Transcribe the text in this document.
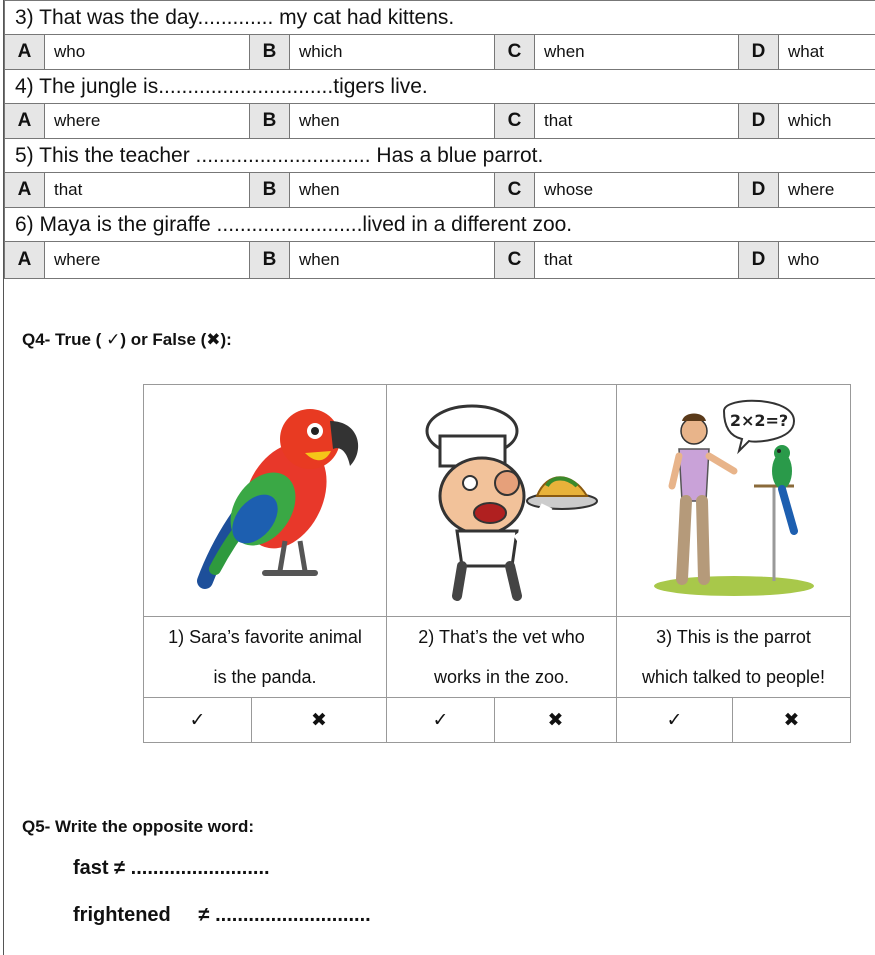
3) That was the day............. my cat had kittens.							
A	who	B	which	C	when	D	what
4) The jungle is..............................tigers live.							
A	where	B	when	C	that	D	which
5) This the teacher .............................. Has a blue parrot.							
A	that	B	when	C	whose	D	where
6) Maya is the giraffe .........................lived in a different zoo.							
A	where	B	when	C	that	D	who
Q4- True ( ✓) or False (✖):

2×2=?	

1) Sara’s favorite animal		2) That’s the vet who		3) This is the parrot	
is the panda.		works in the zoo.		which talked to people!	
✓	✖	✓	✖	✓	✖
Q5- Write the opposite word:
fast ≠ .........................
frightened     ≠ ............................
